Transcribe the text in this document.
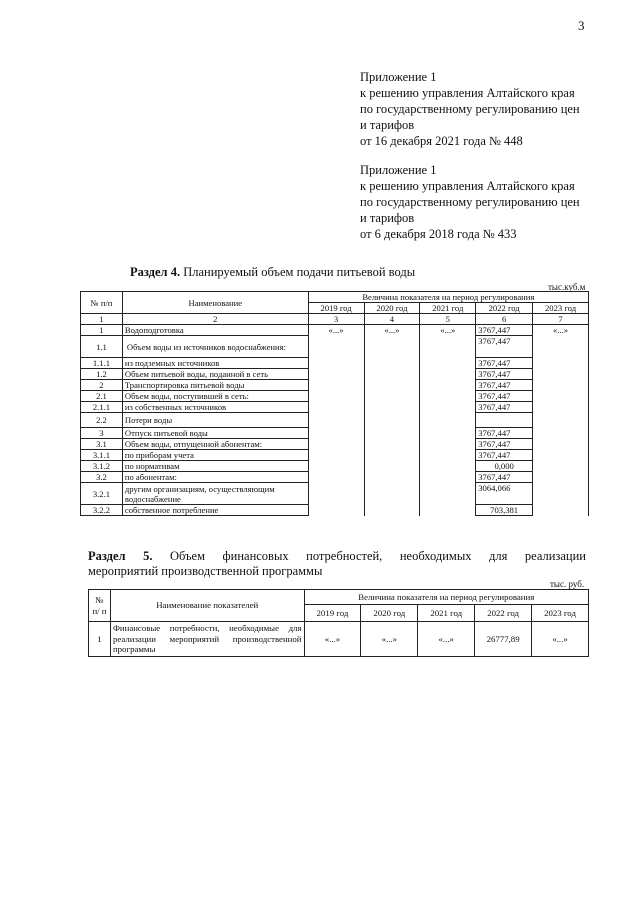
3
Приложение 1
к решению управления Алтайского края
по государственному регулированию цен
и тарифов
от 16 декабря 2021 года № 448
Приложение 1
к решению управления Алтайского края
по государственному регулированию цен
и тарифов
от 6 декабря 2018 года № 433
Раздел 4. Планируемый объем подачи питьевой воды
тыс.куб.м
№ п/п	Наименование	Величина показателя на период регулирования				
		2019 год	2020 год	2021 год	2022 год	2023 год
1	2	3	4	5	6	7
1	Водоподготовка	«...»	«...»	«...»	3767,447	«...»
1.1	Объем воды из источников водоснабжения:				3767,447	
1.1.1	из подземных источников				3767,447	
1.2	Объем питьевой воды, поданной в сеть				3767,447	
2	Транспортировка питьевой воды				3767,447	
2.1	Объем воды, поступившей в сеть:				3767,447	
2.1.1	из собственных источников				3767,447	
2.2	Потери воды					
3	Отпуск питьевой воды				3767,447	
3.1	Объем воды, отпущенной абонентам:				3767,447	
3.1.1	по приборам учета				3767,447	
3.1.2	по нормативам				0,000	
3.2	по абонентам:				3767,447	
3.2.1	другим организациям, осуществляющим водоснабжение				3064,066	
3.2.2	собственное потребление				703,381	
Раздел 5. Объем финансовых потребностей, необходимых для реализации
мероприятий производственной программы
тыс. руб.
№ п/ п	Наименование показателей	Величина показателя на период регулирования				
		2019 год	2020 год	2021 год	2022 год	2023 год
1	Финансовые потребности, необходимые для реализации мероприятий производственной программы	«...»	«...»	«...»	26777,89	«...»
